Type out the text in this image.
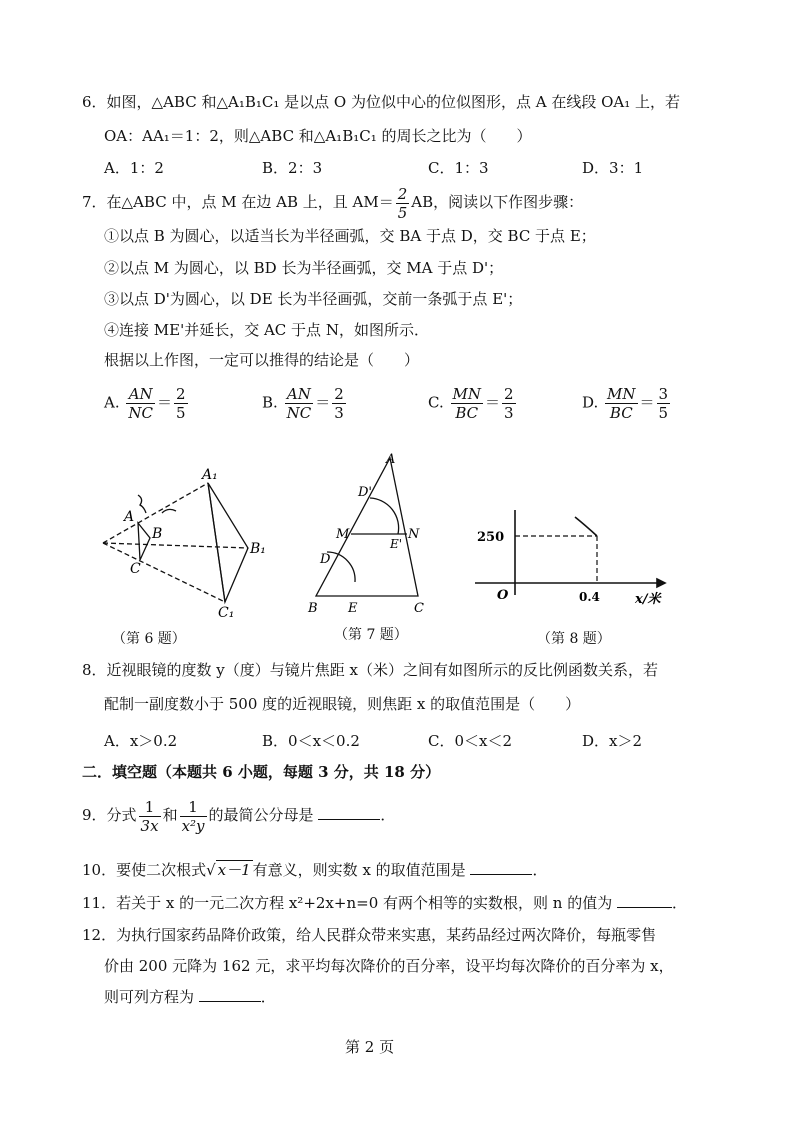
6．如图，△ABC 和△A₁B₁C₁ 是以点 O 为位似中心的位似图形，点 A 在线段 OA₁ 上，若
OA：AA₁＝1：2，则△ABC 和△A₁B₁C₁ 的周长之比为（　　）
A．1：2	B．2：3	C．1：3	D．3：1
7．在△ABC 中，点 M 在边 AB 上，且 $AM= \frac{2}{5}$ AB，阅读以下作图步骤：
①以点 B 为圆心，以适当长为半径画弧，交 BA 于点 D，交 BC 于点 E；
②以点 M 为圆心，以 BD 长为半径画弧，交 MA 于点 D'；
③以点 D'为圆心，以 DE 长为半径画弧，交前一条弧于点 E'；
④连接 ME'并延长，交 AC 于点 N，如图所示．
根据以上作图，一定可以推得的结论是（　　）
A. $\frac{AN}{NC} = \frac{2}{5}$	B. $\frac{AN}{NC} = \frac{2}{3}$	C. $\frac{MN}{BC} = \frac{2}{3}$	D. $\frac{MN}{BC} = \frac{3}{5}$
A₁
A
B
B₁
C
C₁
（第 6 题）
A
D'
M	N
E'
D
B E	C
（第 7 题）
250
O	0.4	x/米
（第 8 题）
8．近视眼镜的度数 y（度）与镜片焦距 x（米）之间有如图所示的反比例函数关系，若
配制一副度数小于 500 度的近视眼镜，则焦距 x 的取值范围是（　　）
A．x＞0.2	B．0＜x＜0.2	C．0＜x＜2	D．x＞2
二．填空题（本题共 6 小题，每题 3 分，共 18 分）
9．分式 $\frac{1}{3x}$ 和 $\frac{1}{\text{x²y}}$ 的最简公分母是	．
10．要使二次根式√ x－1 有意义，则实数 x 的取值范围是	．
11．若关于 x 的一元二次方程 x²+2x+n=0 有两个相等的实数根，则 n 的值为	．
12．为执行国家药品降价政策，给人民群众带来实惠，某药品经过两次降价，每瓶零售
价由 200 元降为 162 元，求平均每次降价的百分率，设平均每次降价的百分率为 x，
则可列方程为	．
第 2 页
